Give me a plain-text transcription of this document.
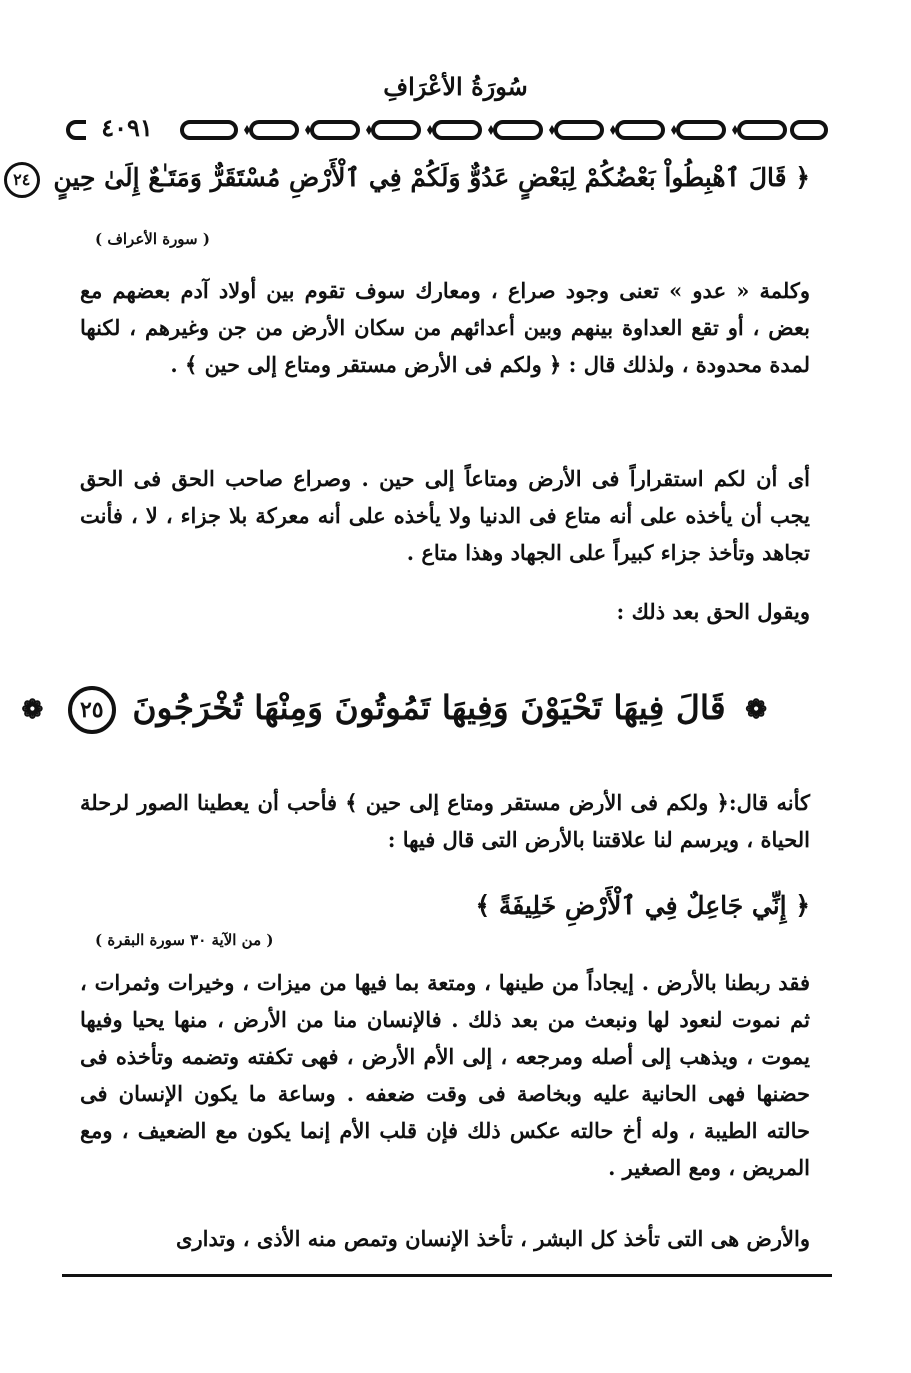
سُورَةُ الأعْرَافِ
٤٠٩١
﴿ قَالَ ٱهْبِطُواْ بَعْضُكُمْ لِبَعْضٍ عَدُوٌّ وَلَكُمْ فِي ٱلْأَرْضِ مُسْتَقَرٌّ وَمَتَـٰعٌ إِلَىٰ حِينٍ ٢٤
( سورة الأعراف )

وكلمة « عدو » تعنى وجود صراع ، ومعارك سوف تقوم بين أولاد آدم بعضهم مع بعض ، أو تقع العداوة بينهم وبين أعدائهم من سكان الأرض من جن وغيرهم ، لكنها لمدة محدودة ، ولذلك قال : ﴿ ولكم فى الأرض مستقر ومتاع إلى حين ﴾ .

أى أن لكم استقراراً فى الأرض ومتاعاً إلى حين . وصراع صاحب الحق فى الحق يجب أن يأخذه على أنه متاع فى الدنيا ولا يأخذه على أنه معركة بلا جزاء ، لا ، فأنت تجاهد وتأخذ جزاء كبيراً على الجهاد وهذا متاع .

ويقول الحق بعد ذلك :

❁ قَالَ فِيهَا تَحْيَوْنَ وَفِيهَا تَمُوتُونَ وَمِنْهَا تُخْرَجُونَ ٢٥ ❁

كأنه قال:﴿ ولكم فى الأرض مستقر ومتاع إلى حين ﴾ فأحب أن يعطينا الصور لرحلة الحياة ، ويرسم لنا علاقتنا بالأرض التى قال فيها :

﴿ إِنِّي جَاعِلٌ فِي ٱلْأَرْضِ خَلِيفَةً ﴾
( من الآية ٣٠ سورة البقرة )

فقد ربطنا بالأرض . إيجاداً من طينها ، ومتعة بما فيها من ميزات ، وخيرات وثمرات ، ثم نموت لنعود لها ونبعث من بعد ذلك . فالإنسان منا من الأرض ، منها يحيا وفيها يموت ، ويذهب إلى أصله ومرجعه ، إلى الأم الأرض ، فهى تكفته وتضمه وتأخذه فى حضنها فهى الحانية عليه وبخاصة فى وقت ضعفه . وساعة ما يكون الإنسان فى حالته الطيبة ، وله أخ حالته عكس ذلك فإن قلب الأم إنما يكون مع الضعيف ، ومع المريض ، ومع الصغير .

والأرض هى التى تأخذ كل البشر ، تأخذ الإنسان وتمص منه الأذى ، وتدارى
